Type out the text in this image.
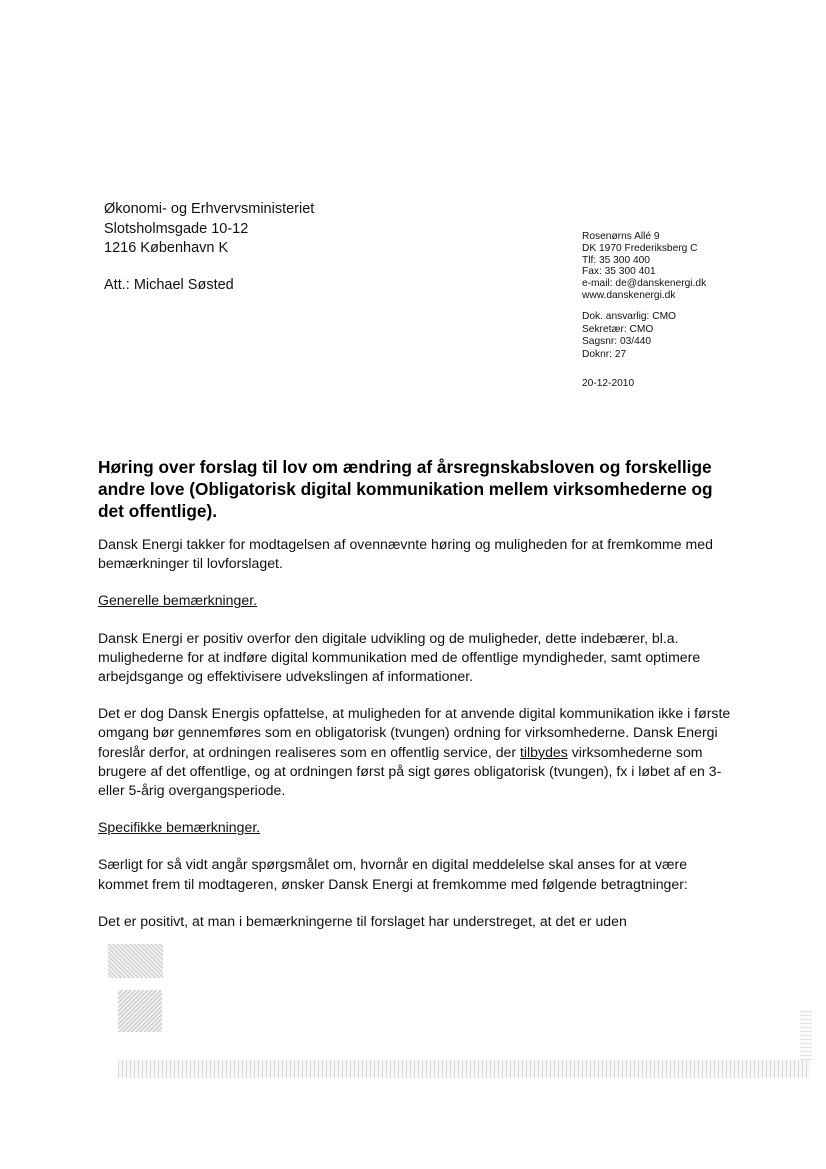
Økonomi- og Erhvervsministeriet
Slotsholmsgade 10-12
1216 København K
Att.: Michael Søsted
Rosenørns Allé 9
DK 1970 Frederiksberg C
Tlf: 35 300 400
Fax: 35 300 401
e-mail: de@danskenergi.dk
www.danskenergi.dk
Dok. ansvarlig: CMO
Sekretær: CMO
Sagsnr: 03/440
Doknr: 27
20-12-2010
Høring over forslag til lov om ændring af årsregnskabsloven og forskellige andre love (Obligatorisk digital kommunikation mellem virksomhederne og det offentlige).

Dansk Energi takker for modtagelsen af ovennævnte høring og muligheden for at fremkomme med bemærkninger til lovforslaget.

Generelle bemærkninger.

Dansk Energi er positiv overfor den digitale udvikling og de muligheder, dette indebærer, bl.a. mulighederne for at indføre digital kommunikation med de offentlige myndigheder, samt optimere arbejdsgange og effektivisere udvekslingen af informationer.

Det er dog Dansk Energis opfattelse, at muligheden for at anvende digital kommunikation ikke i første omgang bør gennemføres som en obligatorisk (tvungen) ordning for virksomhederne. Dansk Energi foreslår derfor, at ordningen realiseres som en offentlig service, der tilbydes virksomhederne som brugere af det offentlige, og at ordningen først på sigt gøres obligatorisk (tvungen), fx i løbet af en 3- eller 5-årig overgangsperiode.

Specifikke bemærkninger.

Særligt for så vidt angår spørgsmålet om, hvornår en digital meddelelse skal anses for at være kommet frem til modtageren, ønsker Dansk Energi at fremkomme med følgende betragtninger:

Det er positivt, at man i bemærkningerne til forslaget har understreget, at det er uden
